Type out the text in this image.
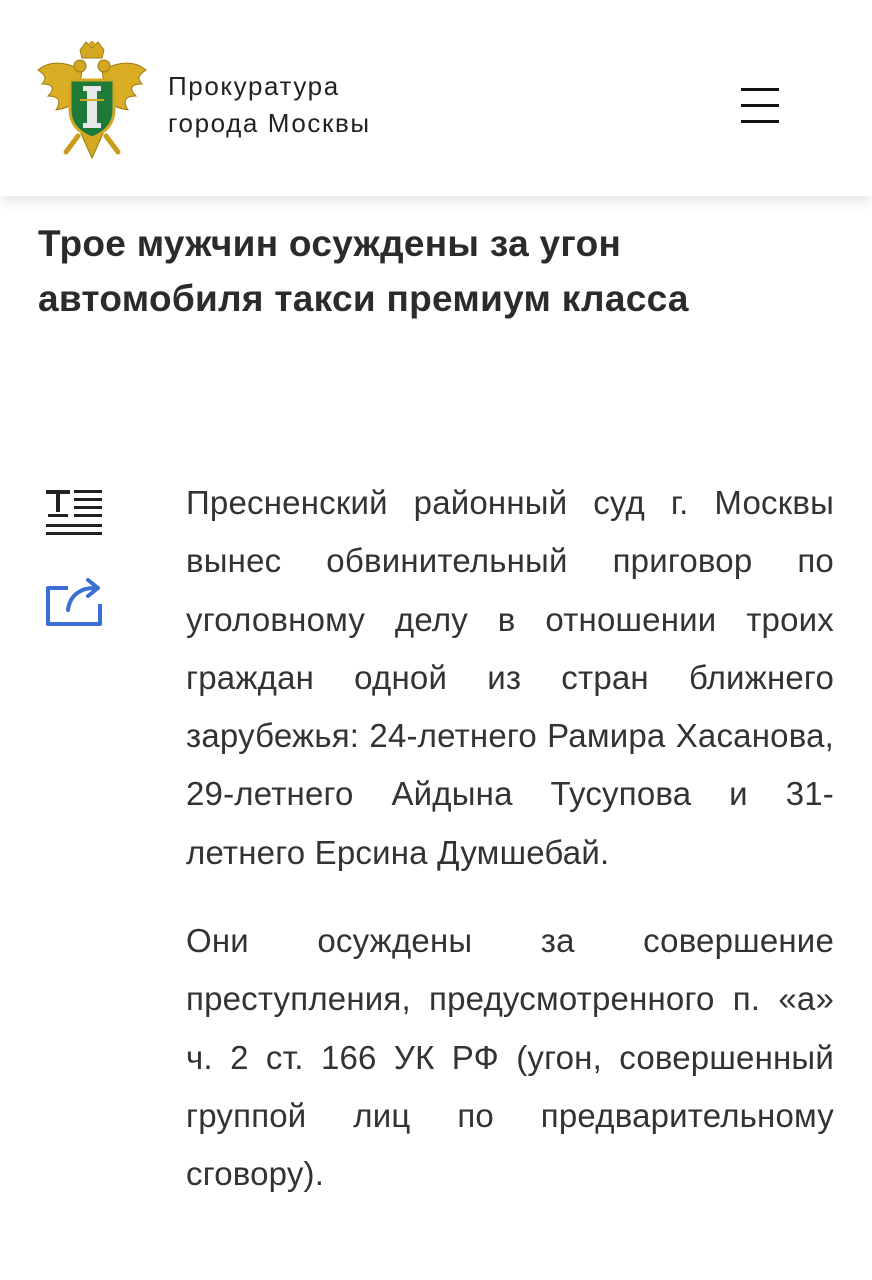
Прокуратура
города Москвы
Трое мужчин осуждены за угон автомобиля такси премиум класса

Пресненский районный суд г. Москвы вынес обвинительный приговор по уголовному делу в отношении троих граждан одной из стран ближнего зарубежья: 24-летнего Рамира Хасанова, 29-летнего Айдына Тусупова и 31-летнего Ерсина Думшебай.

Они осуждены за совершение преступления, предусмотренного п. «а» ч. 2 ст. 166 УК РФ (угон, совершенный группой лиц по предварительному сговору).
